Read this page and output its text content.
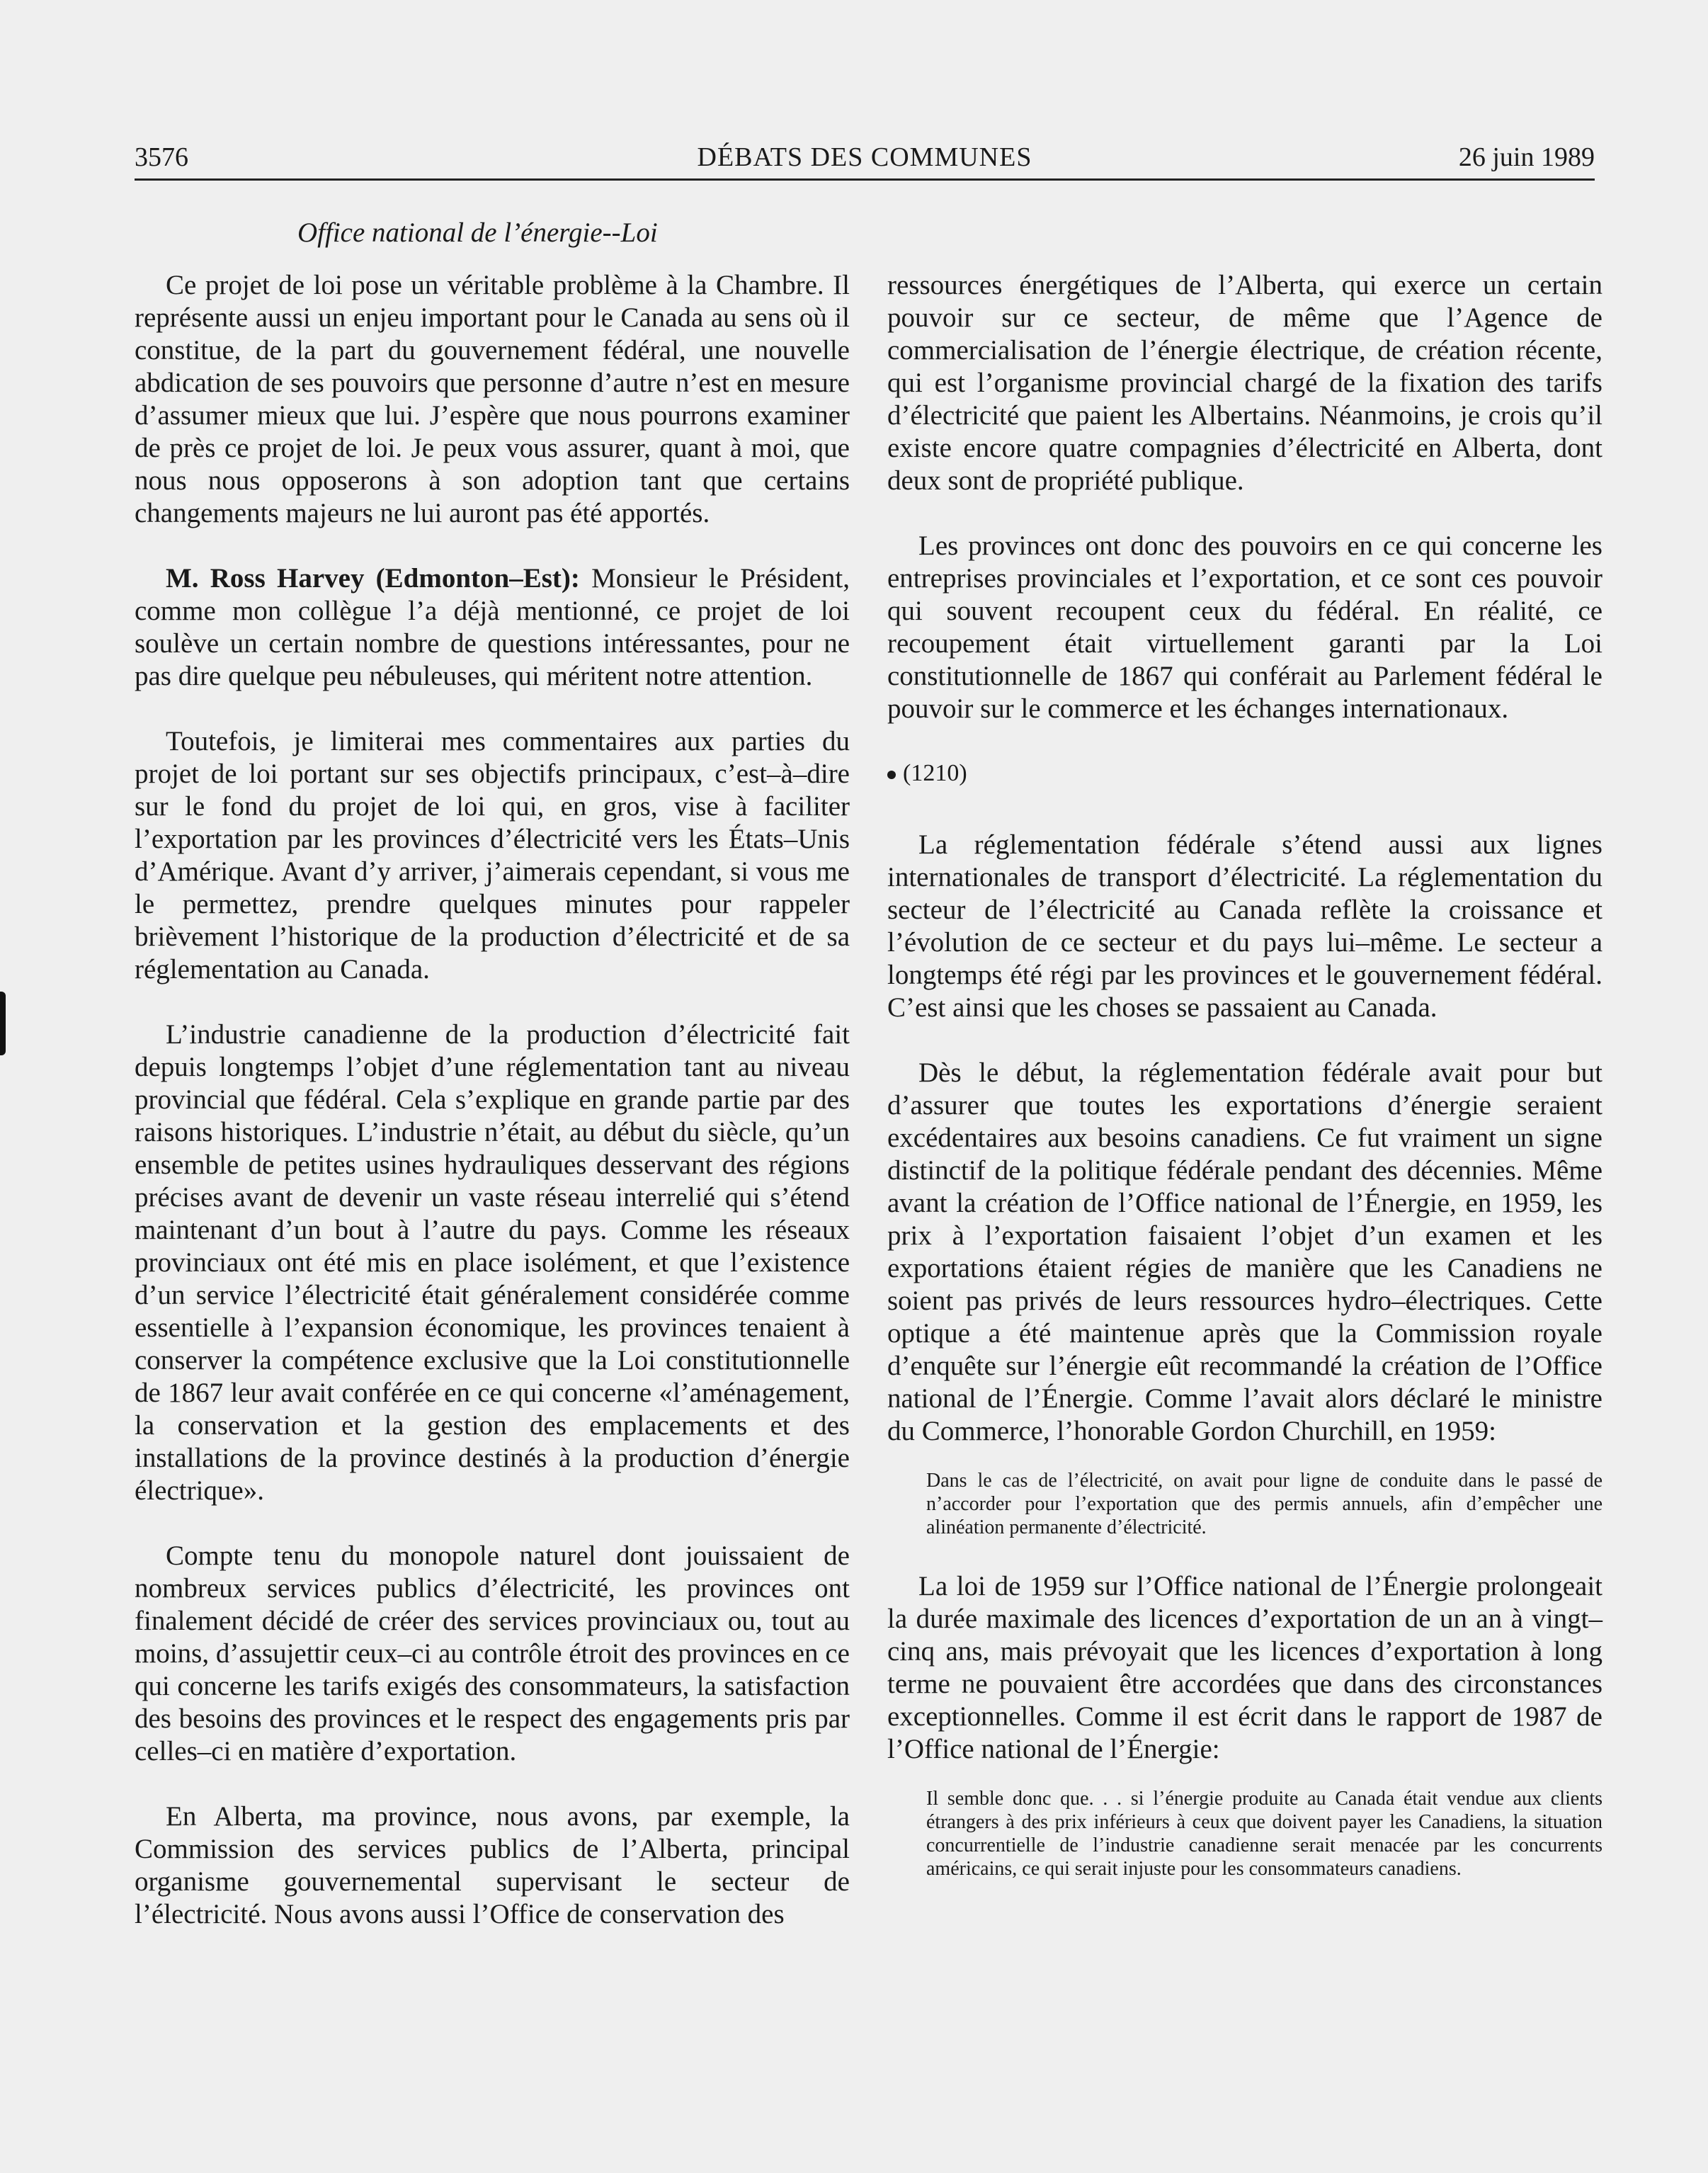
3576	DÉBATS DES COMMUNES	26 juin 1989
Office national de l’énergie--Loi

Ce projet de loi pose un véritable problème à la Chambre. Il représente aussi un enjeu important pour le Canada au sens où il constitue, de la part du gouvernement fédéral, une nouvelle abdication de ses pouvoirs que personne d’autre n’est en mesure d’assumer mieux que lui. J’espère que nous pourrons examiner de près ce projet de loi. Je peux vous assurer, quant à moi, que nous nous opposerons à son adoption tant que certains changements majeurs ne lui auront pas été apportés.

M. Ross Harvey (Edmonton–Est): Monsieur le Président, comme mon collègue l’a déjà mentionné, ce projet de loi soulève un certain nombre de questions intéressantes, pour ne pas dire quelque peu nébuleuses, qui méritent notre attention.

Toutefois, je limiterai mes commentaires aux parties du projet de loi portant sur ses objectifs principaux, c’est–à–dire sur le fond du projet de loi qui, en gros, vise à faciliter l’exportation par les provinces d’électricité vers les États–Unis d’Amérique. Avant d’y arriver, j’aimerais cependant, si vous me le permettez, prendre quelques minutes pour rappeler brièvement l’historique de la production d’électricité et de sa réglementation au Canada.

L’industrie canadienne de la production d’électricité fait depuis longtemps l’objet d’une réglementation tant au niveau provincial que fédéral. Cela s’explique en grande partie par des raisons historiques. L’industrie n’était, au début du siècle, qu’un ensemble de petites usines hydrauliques desservant des régions précises avant de devenir un vaste réseau interrelié qui s’étend maintenant d’un bout à l’autre du pays. Comme les réseaux provinciaux ont été mis en place isolément, et que l’existence d’un service l’électricité était généralement considérée comme essentielle à l’expansion économique, les provinces tenaient à conserver la compétence exclusive que la Loi constitutionnelle de 1867 leur avait conférée en ce qui concerne «l’aménagement, la conservation et la gestion des emplacements et des installations de la province destinés à la production d’énergie électrique».

Compte tenu du monopole naturel dont jouissaient de nombreux services publics d’électricité, les provinces ont finalement décidé de créer des services provinciaux ou, tout au moins, d’assujettir ceux–ci au contrôle étroit des provinces en ce qui concerne les tarifs exigés des consommateurs, la satisfaction des besoins des provinces et le respect des engagements pris par celles–ci en matière d’exportation.

En Alberta, ma province, nous avons, par exemple, la Commission des services publics de l’Alberta, principal organisme gouvernemental supervisant le secteur de l’électricité. Nous avons aussi l’Office de conservation des

ressources énergétiques de l’Alberta, qui exerce un certain pouvoir sur ce secteur, de même que l’Agence de commercialisation de l’énergie électrique, de création récente, qui est l’organisme provincial chargé de la fixation des tarifs d’électricité que paient les Albertains. Néanmoins, je crois qu’il existe encore quatre compagnies d’électricité en Alberta, dont deux sont de propriété publique.

Les provinces ont donc des pouvoirs en ce qui concerne les entreprises provinciales et l’exportation, et ce sont ces pouvoir qui souvent recoupent ceux du fédéral. En réalité, ce recoupement était virtuellement garanti par la Loi constitutionnelle de 1867 qui conférait au Parlement fédéral le pouvoir sur le commerce et les échanges internationaux.

(1210)

La réglementation fédérale s’étend aussi aux lignes internationales de transport d’électricité. La réglementation du secteur de l’électricité au Canada reflète la croissance et l’évolution de ce secteur et du pays lui–même. Le secteur a longtemps été régi par les provinces et le gouvernement fédéral. C’est ainsi que les choses se passaient au Canada.

Dès le début, la réglementation fédérale avait pour but d’assurer que toutes les exportations d’énergie seraient excédentaires aux besoins canadiens. Ce fut vraiment un signe distinctif de la politique fédérale pendant des décennies. Même avant la création de l’Office national de l’Énergie, en 1959, les prix à l’exportation faisaient l’objet d’un examen et les exportations étaient régies de manière que les Canadiens ne soient pas privés de leurs ressources hydro–électriques. Cette optique a été maintenue après que la Commission royale d’enquête sur l’énergie eût recommandé la création de l’Office national de l’Énergie. Comme l’avait alors déclaré le ministre du Commerce, l’honorable Gordon Churchill, en 1959:

Dans le cas de l’électricité, on avait pour ligne de conduite dans le passé de n’accorder pour l’exportation que des permis annuels, afin d’empêcher une alinéation permanente d’électricité.

La loi de 1959 sur l’Office national de l’Énergie prolongeait la durée maximale des licences d’exportation de un an à vingt–cinq ans, mais prévoyait que les licences d’exportation à long terme ne pouvaient être accordées que dans des circonstances exceptionnelles. Comme il est écrit dans le rapport de 1987 de l’Office national de l’Énergie:

Il semble donc que. . . si l’énergie produite au Canada était vendue aux clients étrangers à des prix inférieurs à ceux que doivent payer les Canadiens, la situation concurrentielle de l’industrie canadienne serait menacée par les concurrents américains, ce qui serait injuste pour les consommateurs canadiens.
